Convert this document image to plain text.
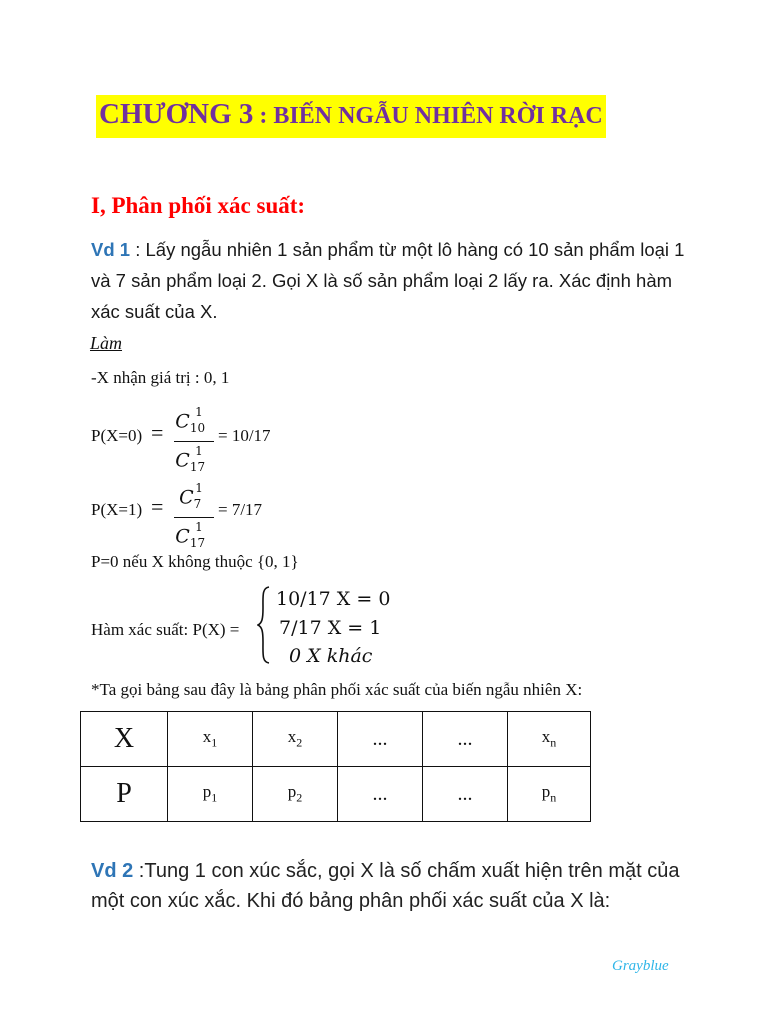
CHƯƠNG 3 : BIẾN NGẪU NHIÊN RỜI RẠC
I, Phân phối xác suất:
Vd 1 : Lấy ngẫu nhiên 1 sản phẩm từ một lô hàng có 10 sản phẩm loại 1 và 7 sản phẩm loại 2. Gọi X là số sản phẩm loại 2 lấy ra. Xác định hàm xác suất của X.
Làm
-X nhận giá trị : 0, 1
$P(X=0) = C_{10}^1$
$C_{17}^1$
= 10/17
$P(X=1) = C_7^1$
$C_{17}^1$
= 7/17
P=0 nếu X không thuộc {0, 1}
Hàm xác suất: P(X) =
10/17 X = 0
7/17 X = 1
0 X khác
*Ta gọi bảng sau đây là bảng phân phối xác suất của biến ngẫu nhiên X:
X	$x_1$	$x_2$	...	...	$x_n$
P	$p_1$	$p_2$	...	...	$p_n$
Vd 2 :Tung 1 con xúc sắc, gọi X là số chấm xuất hiện trên mặt của một con xúc xắc. Khi đó bảng phân phối xác suất của X là:
Grayblue
